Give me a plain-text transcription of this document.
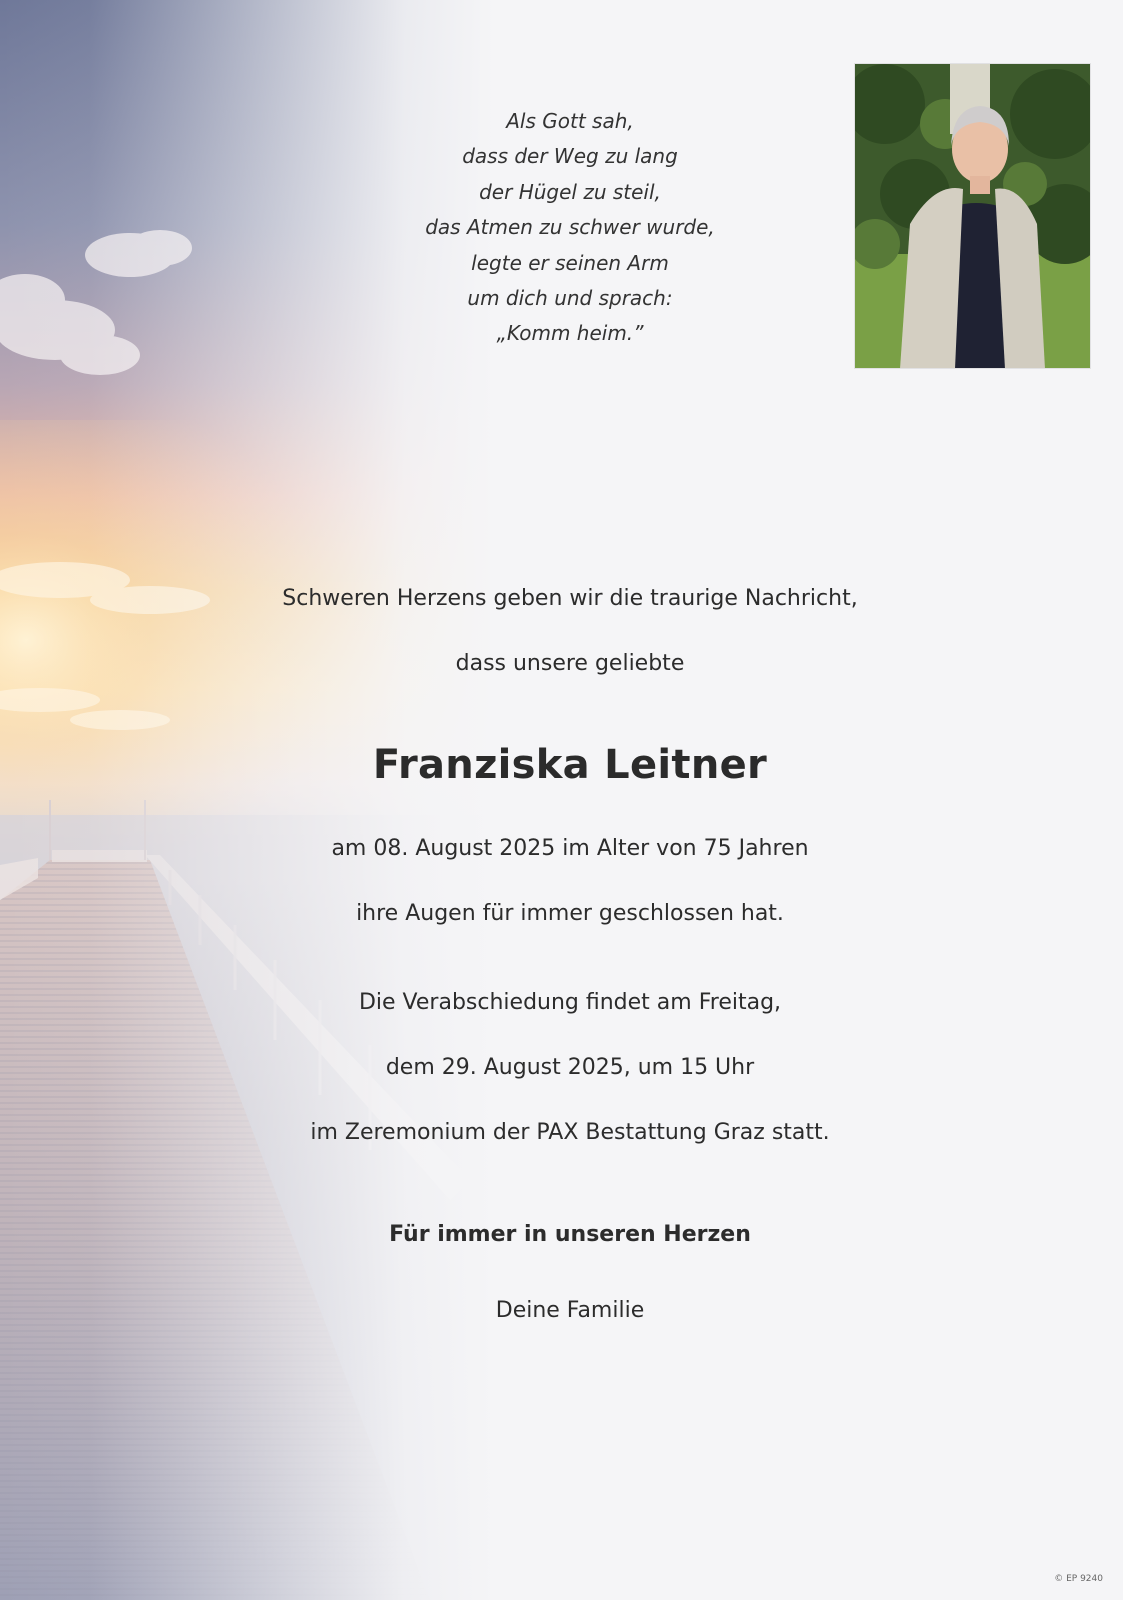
Als Gott sah,
dass der Weg zu lang
der Hügel zu steil,
das Atmen zu schwer wurde,
legte er seinen Arm
um dich und sprach:
„Komm heim.”

Schweren Herzens geben wir die traurige Nachricht,
dass unsere geliebte
Franziska Leitner
am 08. August 2025 im Alter von 75 Jahren
ihre Augen für immer geschlossen hat.
Die Verabschiedung findet am Freitag,
dem 29. August 2025, um 15 Uhr
im Zeremonium der PAX Bestattung Graz statt.
Für immer in unseren Herzen
Deine Familie
© EP 9240
